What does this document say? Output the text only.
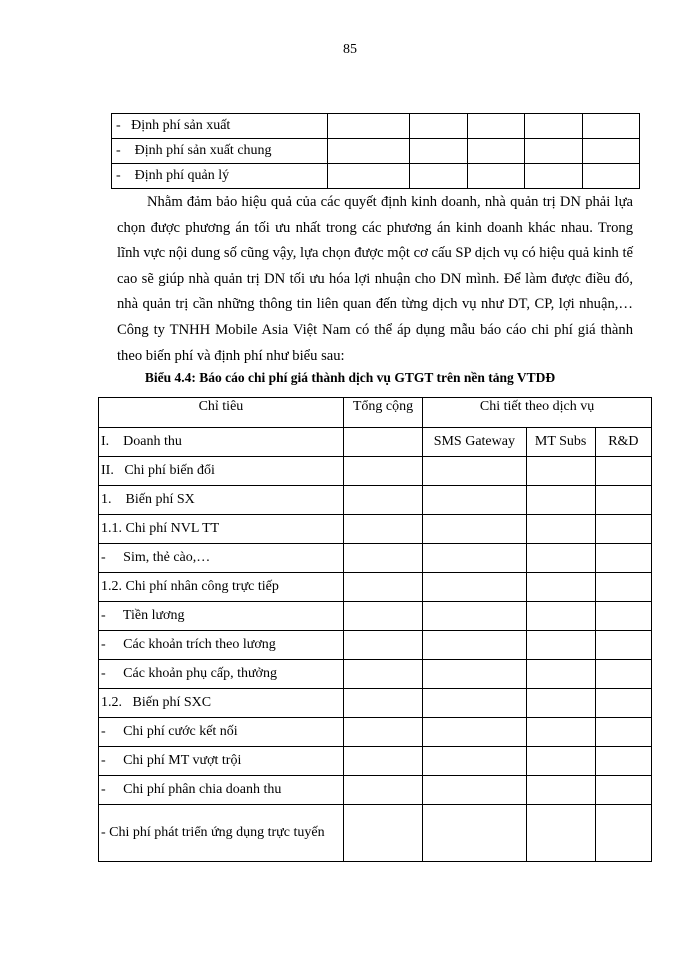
85
-   Định phí sản xuất					
-    Định phí sản xuất chung					
-    Định phí quản lý					

Nhằm đảm bảo hiệu quả của các quyết định kinh doanh, nhà quản trị DN phải lựa chọn được phương án tối ưu nhất trong các phương án kinh doanh khác nhau. Trong lĩnh vực nội dung số cũng vậy, lựa chọn được một cơ cấu SP dịch vụ có hiệu quả kinh tế cao sẽ giúp nhà quản trị DN tối ưu hóa lợi nhuận cho DN mình. Để làm được điều đó, nhà quản trị cần những thông tin liên quan đến từng dịch vụ như DT, CP, lợi nhuận,… Công ty TNHH Mobile Asia Việt Nam có thể áp dụng mẫu báo cáo chi phí giá thành theo biến phí và định phí như biểu sau:

Biểu 4.4: Báo cáo chi phí giá thành dịch vụ GTGT trên nền tảng VTDĐ
Chỉ tiêu	Tổng cộng	Chi tiết theo dịch vụ		
I.    Doanh thu		SMS Gateway	MT Subs	R&D
II.   Chi phí biến đổi				
1.    Biến phí SX				
1.1. Chi phí NVL TT				
-     Sim, thẻ cào,…				
1.2. Chi phí nhân công trực tiếp				
-     Tiền lương				
-     Các khoản trích theo lương				
-     Các khoản phụ cấp, thưởng				
1.2.   Biến phí SXC				
-     Chi phí cước kết nối				
-     Chi phí MT vượt trội				
-     Chi phí phân chia doanh thu				
- Chi phí phát triển ứng dụng trực tuyến				
